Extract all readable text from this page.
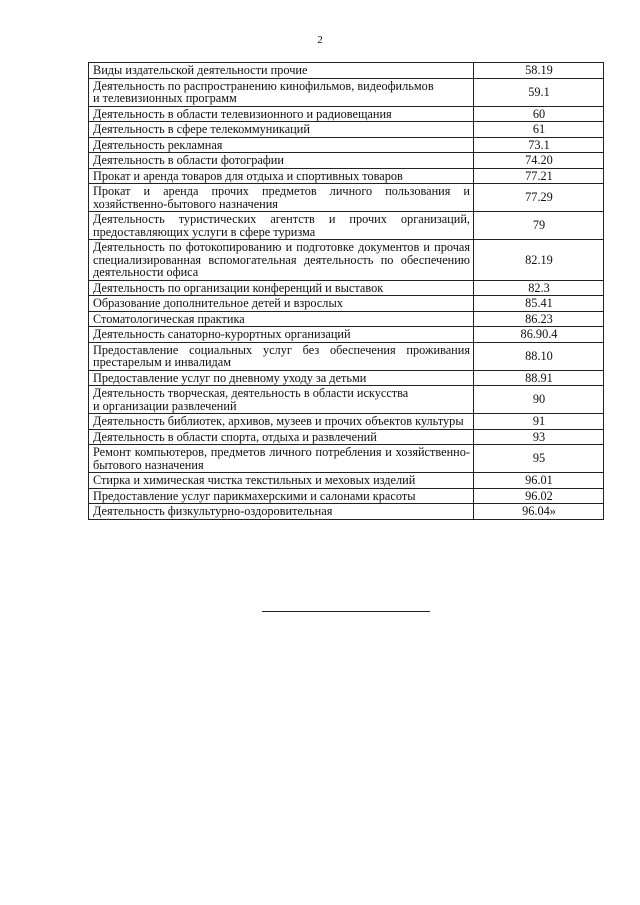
2
Виды издательской деятельности прочие	58.19
Деятельность по распространению кинофильмов, видеофильмов
и телевизионных программ	59.1
Деятельность в области телевизионного и радиовещания	60
Деятельность в сфере телекоммуникаций	61
Деятельность рекламная	73.1
Деятельность в области фотографии	74.20
Прокат и аренда товаров для отдыха и спортивных товаров	77.21
Прокат и аренда прочих предметов личного пользования и хозяйственно-бытового назначения	77.29
Деятельность туристических агентств и прочих организаций, предоставляющих услуги в сфере туризма	79
Деятельность по фотокопированию и подготовке документов и прочая специализированная вспомогательная деятельность по обеспечению деятельности офиса	82.19
Деятельность по организации конференций и выставок	82.3
Образование дополнительное детей и взрослых	85.41
Стоматологическая практика	86.23
Деятельность санаторно-курортных организаций	86.90.4
Предоставление социальных услуг без обеспечения проживания престарелым и инвалидам	88.10
Предоставление услуг по дневному уходу за детьми	88.91
Деятельность творческая, деятельность в области искусства
и организации развлечений	90
Деятельность библиотек, архивов, музеев и прочих объектов культуры	91
Деятельность в области спорта, отдыха и развлечений	93
Ремонт компьютеров, предметов личного потребления и хозяйственно-бытового назначения	95
Стирка и химическая чистка текстильных и меховых изделий	96.01
Предоставление услуг парикмахерскими и салонами красоты	96.02
Деятельность физкультурно-оздоровительная	96.04»
